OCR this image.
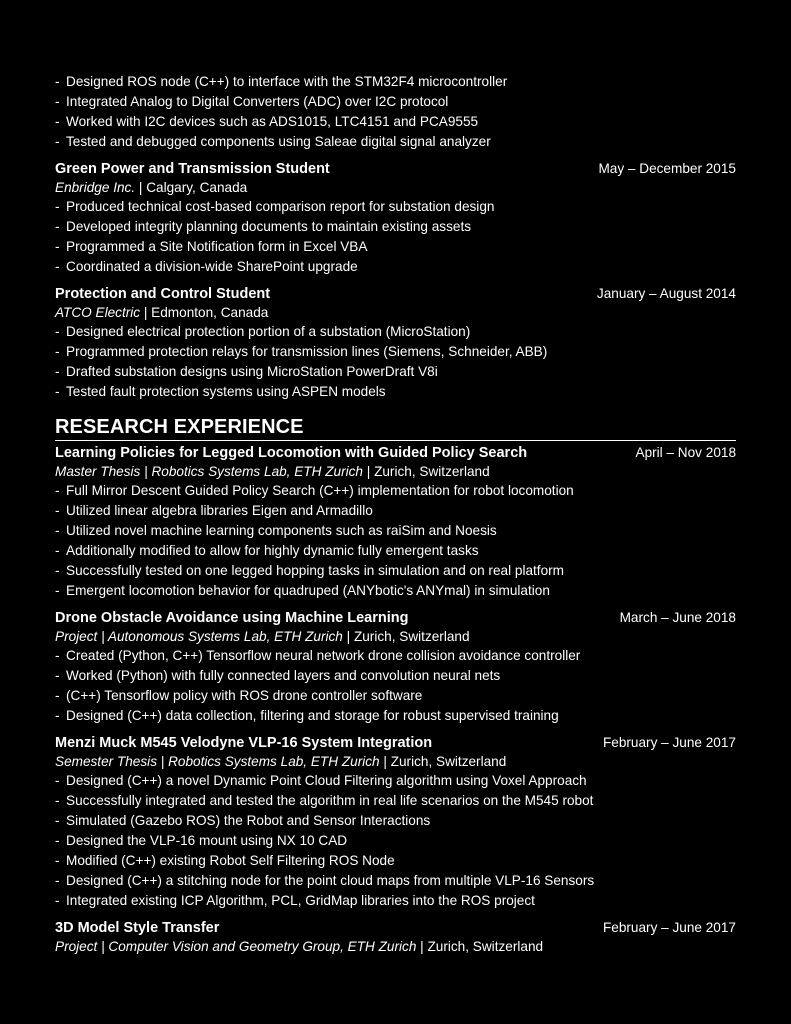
- Designed ROS node (C++) to interface with the STM32F4 microcontroller
- Integrated Analog to Digital Converters (ADC) over I2C protocol
- Worked with I2C devices such as ADS1015, LTC4151 and PCA9555
- Tested and debugged components using Saleae digital signal analyzer
Green Power and Transmission Student	May – December 2015
Enbridge Inc. | Calgary, Canada
- Produced technical cost-based comparison report for substation design
- Developed integrity planning documents to maintain existing assets
- Programmed a Site Notification form in Excel VBA
- Coordinated a division-wide SharePoint upgrade
Protection and Control Student	January – August 2014
ATCO Electric | Edmonton, Canada
- Designed electrical protection portion of a substation (MicroStation)
- Programmed protection relays for transmission lines (Siemens, Schneider, ABB)
- Drafted substation designs using MicroStation PowerDraft V8i
- Tested fault protection systems using ASPEN models
RESEARCH EXPERIENCE
Learning Policies for Legged Locomotion with Guided Policy Search	April – Nov 2018
Master Thesis | Robotics Systems Lab, ETH Zurich | Zurich, Switzerland
- Full Mirror Descent Guided Policy Search (C++) implementation for robot locomotion
- Utilized linear algebra libraries Eigen and Armadillo
- Utilized novel machine learning components such as raiSim and Noesis
- Additionally modified to allow for highly dynamic fully emergent tasks
- Successfully tested on one legged hopping tasks in simulation and on real platform
- Emergent locomotion behavior for quadruped (ANYbotic's ANYmal) in simulation
Drone Obstacle Avoidance using Machine Learning	March – June 2018
Project | Autonomous Systems Lab, ETH Zurich | Zurich, Switzerland
- Created (Python, C++) Tensorflow neural network drone collision avoidance controller
- Worked (Python) with fully connected layers and convolution neural nets
- (C++) Tensorflow policy with ROS drone controller software
- Designed (C++) data collection, filtering and storage for robust supervised training
Menzi Muck M545 Velodyne VLP-16 System Integration	February – June 2017
Semester Thesis | Robotics Systems Lab, ETH Zurich | Zurich, Switzerland
- Designed (C++) a novel Dynamic Point Cloud Filtering algorithm using Voxel Approach
- Successfully integrated and tested the algorithm in real life scenarios on the M545 robot
- Simulated (Gazebo ROS) the Robot and Sensor Interactions
- Designed the VLP-16 mount using NX 10 CAD
- Modified (C++) existing Robot Self Filtering ROS Node
- Designed (C++) a stitching node for the point cloud maps from multiple VLP-16 Sensors
- Integrated existing ICP Algorithm, PCL, GridMap libraries into the ROS project
3D Model Style Transfer	February – June 2017
Project | Computer Vision and Geometry Group, ETH Zurich | Zurich, Switzerland
